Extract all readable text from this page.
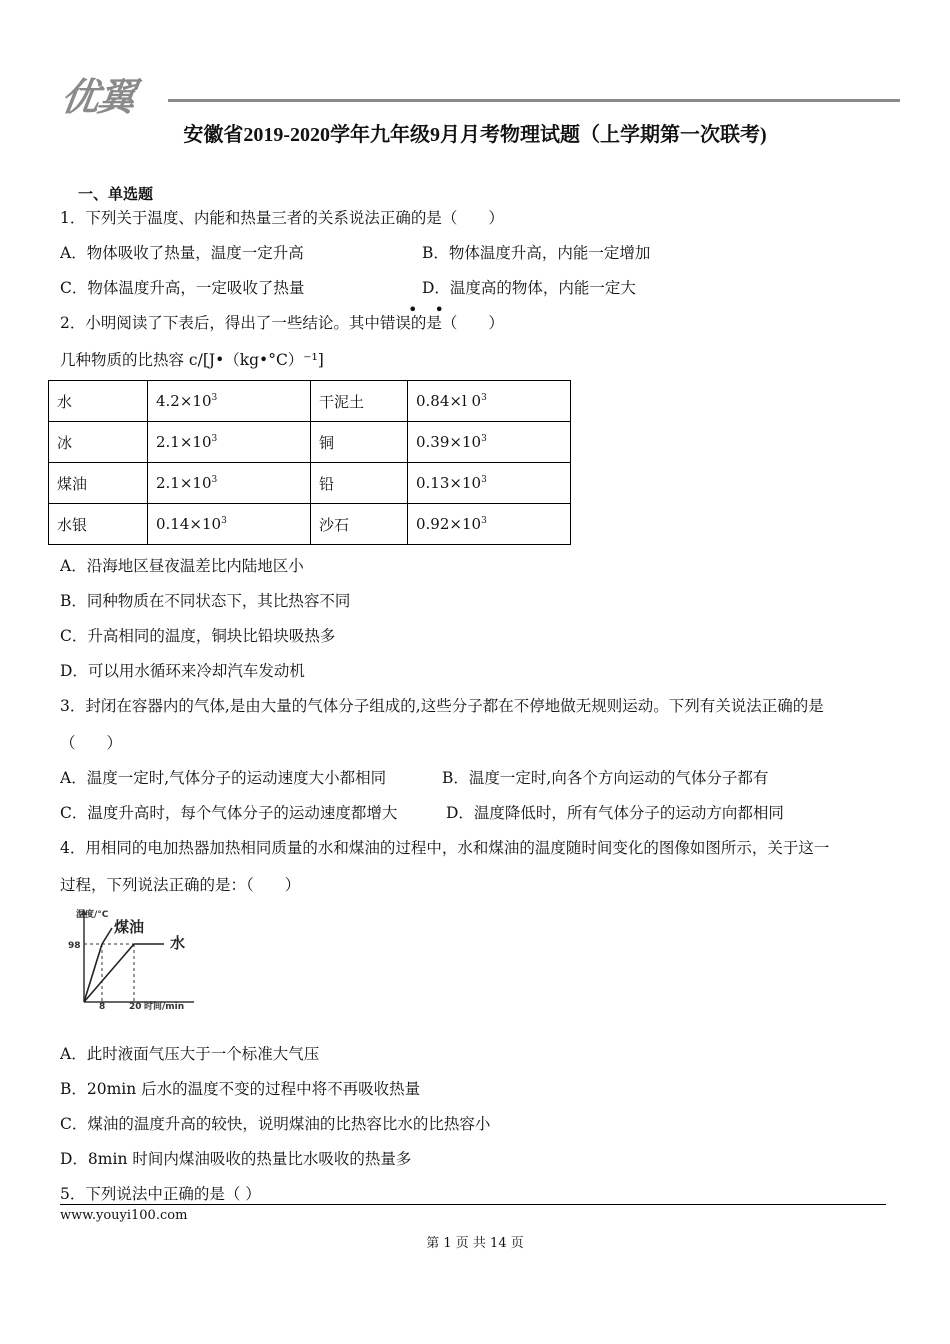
优翼
安徽省2019-2020学年九年级9月月考物理试题（上学期第一次联考)
一、单选题
1．下列关于温度、内能和热量三者的关系说法正确的是（　　）
A．物体吸收了热量，温度一定升高	B．物体温度升高，内能一定增加
C．物体温度升高，一定吸收了热量	D．温度高的物体，内能一定大
• •
2．小明阅读了下表后，得出了一些结论。其中错误的是（　　）
几种物质的比热容 c/[J•（kg•°C）⁻¹]
水	$4.2\times 10^3$	干泥土	0.84×l $0^3$
冰	$2.1\times 10^3$	铜	$0.39\times 10^3$
煤油	$2.1\times 10^3$	铅	$0.13\times 10^3$
水银	$0.14\times 10^3$	沙石	$0.92\times 10^3$
A．沿海地区昼夜温差比内陆地区小
B．同种物质在不同状态下，其比热容不同
C．升高相同的温度，铜块比铅块吸热多
D．可以用水循环来冷却汽车发动机
3．封闭在容器内的气体,是由大量的气体分子组成的,这些分子都在不停地做无规则运动。下列有关说法正确的是
（　　）
A．温度一定时,气体分子的运动速度大小都相同	B．温度一定时,向各个方向运动的气体分子都有
C．温度升高时，每个气体分子的运动速度都增大	D．温度降低时，所有气体分子的运动方向都相同
4．用相同的电加热器加热相同质量的水和煤油的过程中，水和煤油的温度随时间变化的图像如图所示，关于这一
过程，下列说法正确的是：（　　）
温度/°C
时间/min
98
8	20
煤油
水
A．此时液面气压大于一个标准大气压
B．20min 后水的温度不变的过程中将不再吸收热量
C．煤油的温度升高的较快，说明煤油的比热容比水的比热容小
D．8min 时间内煤油吸收的热量比水吸收的热量多
5．下列说法中正确的是（ ）
www.youyi100.com
第 1 页 共 14 页
